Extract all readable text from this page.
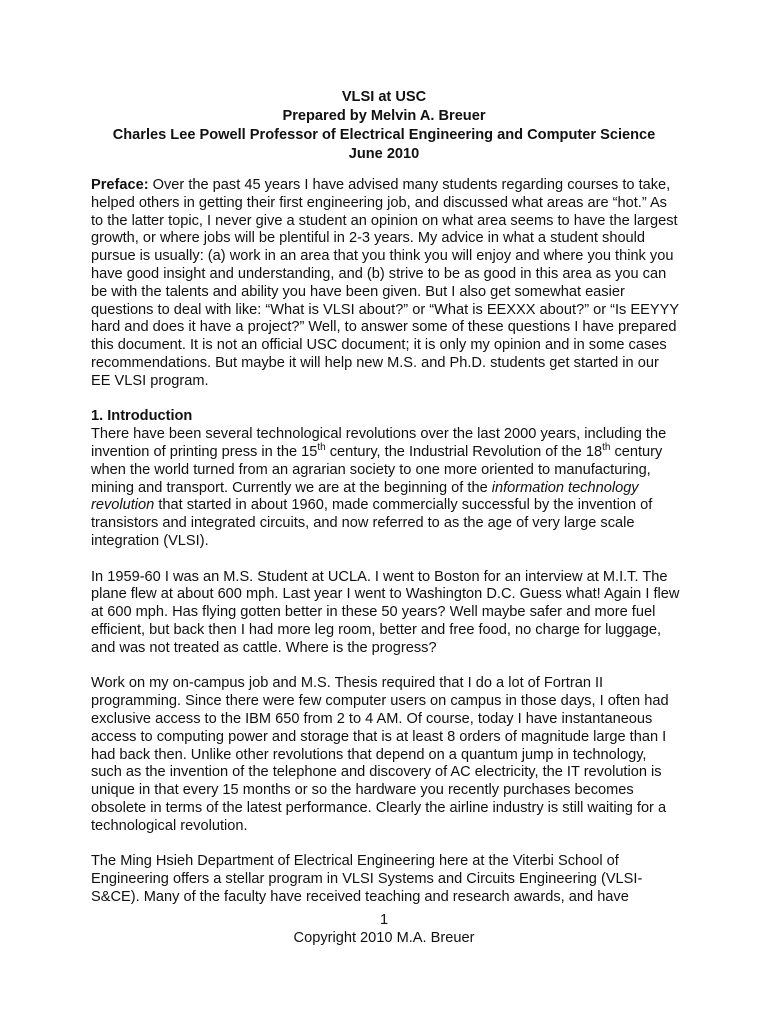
VLSI at USC
Prepared by Melvin A. Breuer
Charles Lee Powell Professor of Electrical Engineering and Computer Science
June 2010

Preface: Over the past 45 years I have advised many students regarding courses to take, helped others in getting their first engineering job, and discussed what areas are “hot.” As to the latter topic, I never give a student an opinion on what area seems to have the largest growth, or where jobs will be plentiful in 2-3 years. My advice in what a student should pursue is usually: (a) work in an area that you think you will enjoy and where you think you have good insight and understanding, and (b) strive to be as good in this area as you can be with the talents and ability you have been given. But I also get somewhat easier questions to deal with like: “What is VLSI about?” or “What is EEXXX about?” or “Is EEYYY hard and does it have a project?” Well, to answer some of these questions I have prepared this document. It is not an official USC document; it is only my opinion and in some cases recommendations. But maybe it will help new M.S. and Ph.D. students get started in our EE VLSI program.

1. Introduction

There have been several technological revolutions over the last 2000 years, including the invention of printing press in the 15th century, the Industrial Revolution of the 18th century when the world turned from an agrarian society to one more oriented to manufacturing, mining and transport. Currently we are at the beginning of the information technology revolution that started in about 1960, made commercially successful by the invention of transistors and integrated circuits, and now referred to as the age of very large scale integration (VLSI).

In 1959-60 I was an M.S. Student at UCLA. I went to Boston for an interview at M.I.T. The plane flew at about 600 mph. Last year I went to Washington D.C. Guess what! Again I flew at 600 mph. Has flying gotten better in these 50 years? Well maybe safer and more fuel efficient, but back then I had more leg room, better and free food, no charge for luggage, and was not treated as cattle. Where is the progress?

Work on my on-campus job and M.S. Thesis required that I do a lot of Fortran II programming. Since there were few computer users on campus in those days, I often had exclusive access to the IBM 650 from 2 to 4 AM. Of course, today I have instantaneous access to computing power and storage that is at least 8 orders of magnitude large than I had back then. Unlike other revolutions that depend on a quantum jump in technology, such as the invention of the telephone and discovery of AC electricity, the IT revolution is unique in that every 15 months or so the hardware you recently purchases becomes obsolete in terms of the latest performance. Clearly the airline industry is still waiting for a technological revolution.

The Ming Hsieh Department of Electrical Engineering here at the Viterbi School of Engineering offers a stellar program in VLSI Systems and Circuits Engineering (VLSI-S&CE). Many of the faculty have received teaching and research awards, and have

1
Copyright 2010 M.A. Breuer
